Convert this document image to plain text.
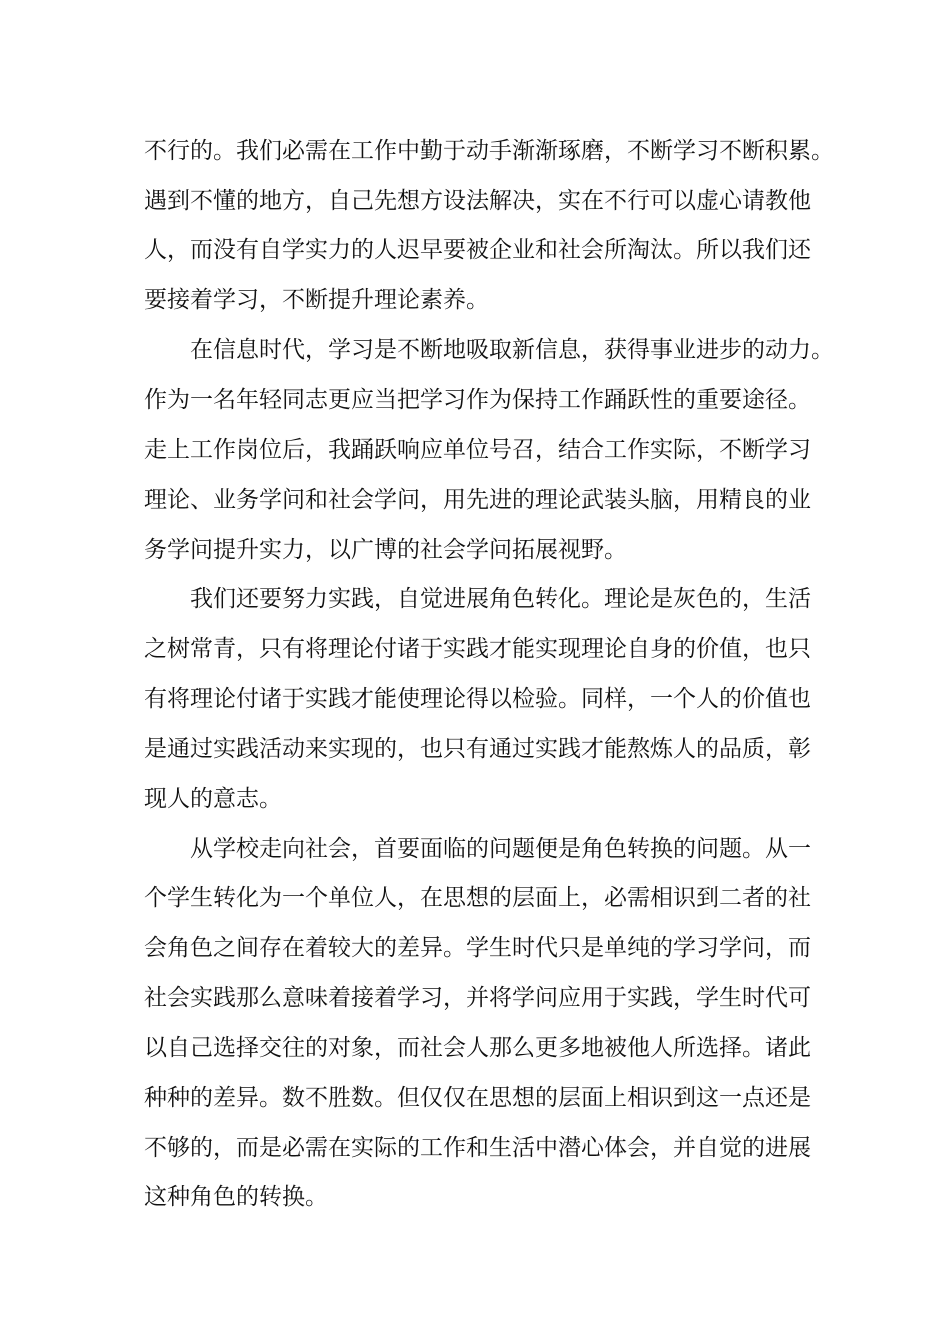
不行的。我们必需在工作中勤于动手渐渐琢磨，不断学习不断积累。
遇到不懂的地方，自己先想方设法解决，实在不行可以虚心请教他
人，而没有自学实力的人迟早要被企业和社会所淘汰。所以我们还
要接着学习，不断提升理论素养。
在信息时代，学习是不断地吸取新信息，获得事业进步的动力。
作为一名年轻同志更应当把学习作为保持工作踊跃性的重要途径。
走上工作岗位后，我踊跃响应单位号召，结合工作实际，不断学习
理论、业务学问和社会学问，用先进的理论武装头脑，用精良的业
务学问提升实力，以广博的社会学问拓展视野。
我们还要努力实践，自觉进展角色转化。理论是灰色的，生活
之树常青，只有将理论付诸于实践才能实现理论自身的价值，也只
有将理论付诸于实践才能使理论得以检验。同样，一个人的价值也
是通过实践活动来实现的，也只有通过实践才能熬炼人的品质，彰
现人的意志。
从学校走向社会，首要面临的问题便是角色转换的问题。从一
个学生转化为一个单位人，在思想的层面上，必需相识到二者的社
会角色之间存在着较大的差异。学生时代只是单纯的学习学问，而
社会实践那么意味着接着学习，并将学问应用于实践，学生时代可
以自己选择交往的对象，而社会人那么更多地被他人所选择。诸此
种种的差异。数不胜数。但仅仅在思想的层面上相识到这一点还是
不够的，而是必需在实际的工作和生活中潜心体会，并自觉的进展
这种角色的转换。
